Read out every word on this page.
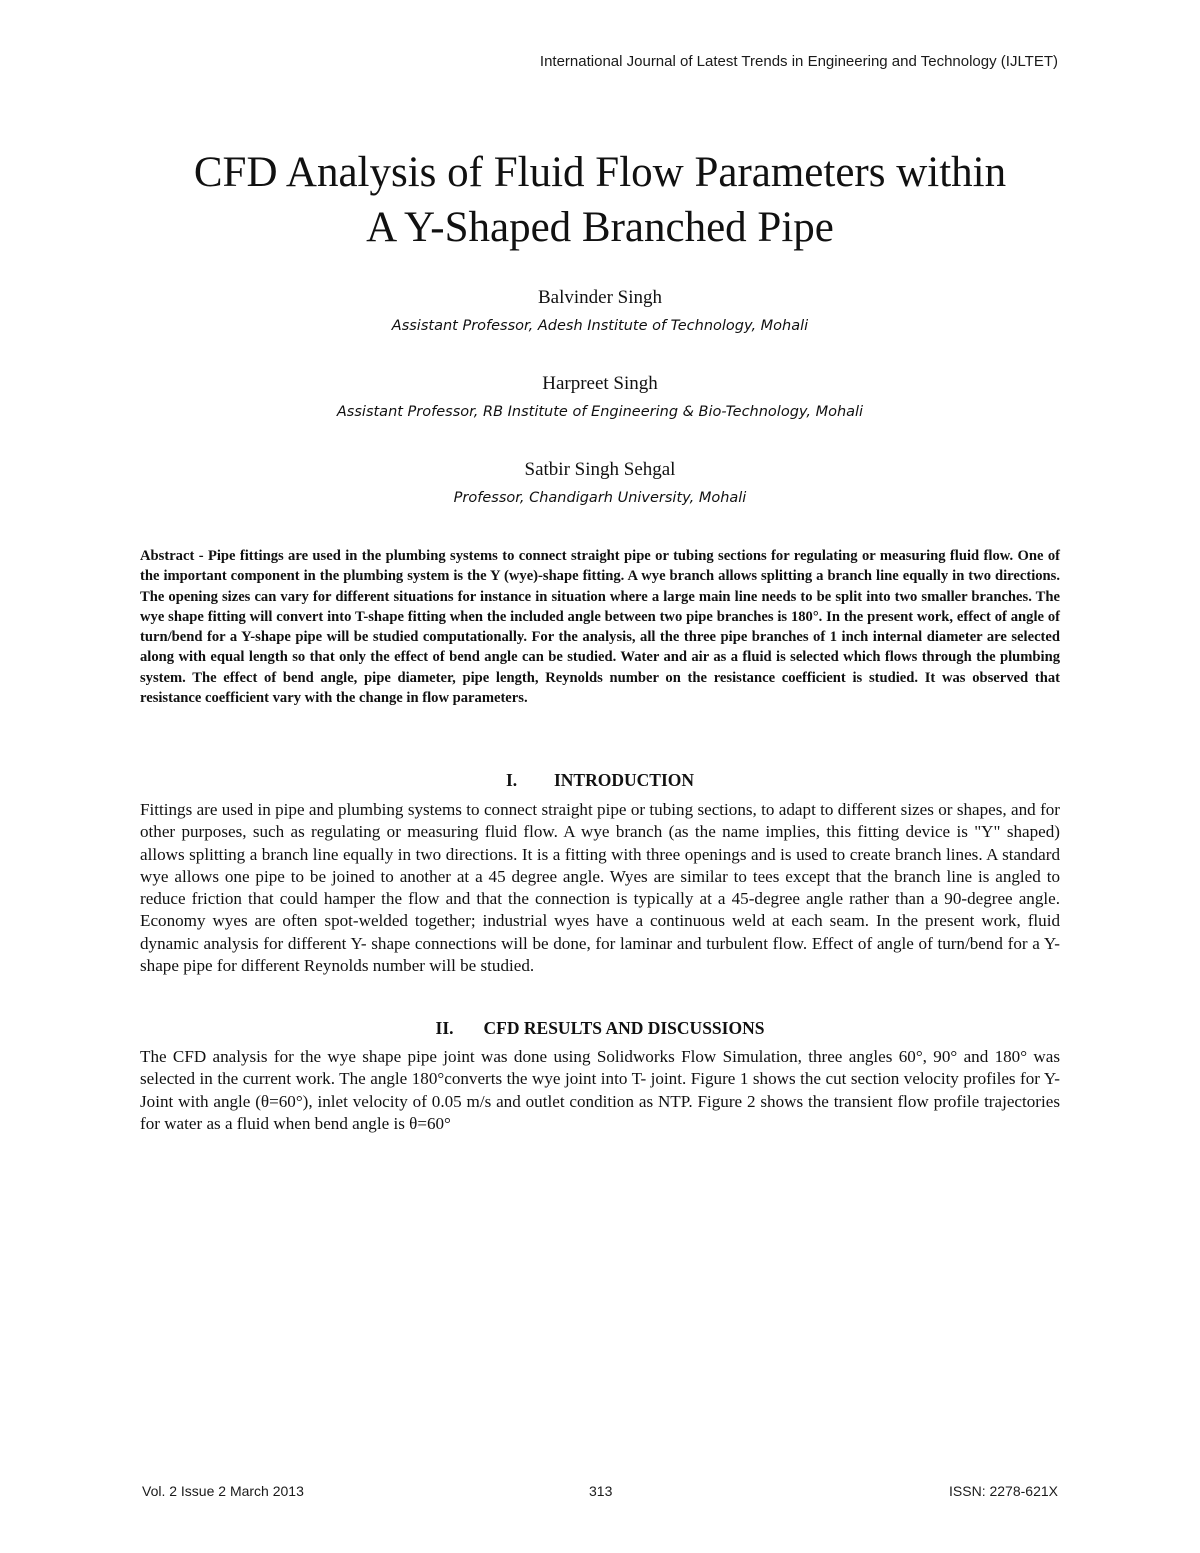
International Journal of Latest Trends in Engineering and Technology (IJLTET)
CFD Analysis of Fluid Flow Parameters within
A Y-Shaped Branched Pipe
Balvinder Singh
Assistant Professor, Adesh Institute of Technology, Mohali
Harpreet Singh
Assistant Professor, RB Institute of Engineering & Bio-Technology, Mohali
Satbir Singh Sehgal
Professor, Chandigarh University, Mohali

Abstract - Pipe fittings are used in the plumbing systems to connect straight pipe or tubing sections for regulating or measuring fluid flow. One of the important component in the plumbing system is the Y (wye)-shape fitting. A wye branch allows splitting a branch line equally in two directions. The opening sizes can vary for different situations for instance in situation where a large main line needs to be split into two smaller branches. The wye shape fitting will convert into T-shape fitting when the included angle between two pipe branches is 180°. In the present work, effect of angle of turn/bend for a Y-shape pipe will be studied computationally. For the analysis, all the three pipe branches of 1 inch internal diameter are selected along with equal length so that only the effect of bend angle can be studied. Water and air as a fluid is selected which flows through the plumbing system. The effect of bend angle, pipe diameter, pipe length, Reynolds number on the resistance coefficient is studied. It was observed that resistance coefficient vary with the change in flow parameters.

I. INTRODUCTION

Fittings are used in pipe and plumbing systems to connect straight pipe or tubing sections, to adapt to different sizes or shapes, and for other purposes, such as regulating or measuring fluid flow. A wye branch (as the name implies, this fitting device is "Y" shaped) allows splitting a branch line equally in two directions. It is a fitting with three openings and is used to create branch lines. A standard wye allows one pipe to be joined to another at a 45 degree angle. Wyes are similar to tees except that the branch line is angled to reduce friction that could hamper the flow and that the connection is typically at a 45-degree angle rather than a 90-degree angle. Economy wyes are often spot-welded together; industrial wyes have a continuous weld at each seam. In the present work, fluid dynamic analysis for different Y- shape connections will be done, for laminar and turbulent flow. Effect of angle of turn/bend for a Y-shape pipe for different Reynolds number will be studied.

II. CFD RESULTS AND DISCUSSIONS

The CFD analysis for the wye shape pipe joint was done using Solidworks Flow Simulation, three angles 60°, 90° and 180° was selected in the current work. The angle 180°converts the wye joint into T- joint. Figure 1 shows the cut section velocity profiles for Y-Joint with angle (θ=60°), inlet velocity of 0.05 m/s and outlet condition as NTP. Figure 2 shows the transient flow profile trajectories for water as a fluid when bend angle is θ=60°

Vol. 2 Issue 2 March 2013	313	ISSN: 2278-621X
